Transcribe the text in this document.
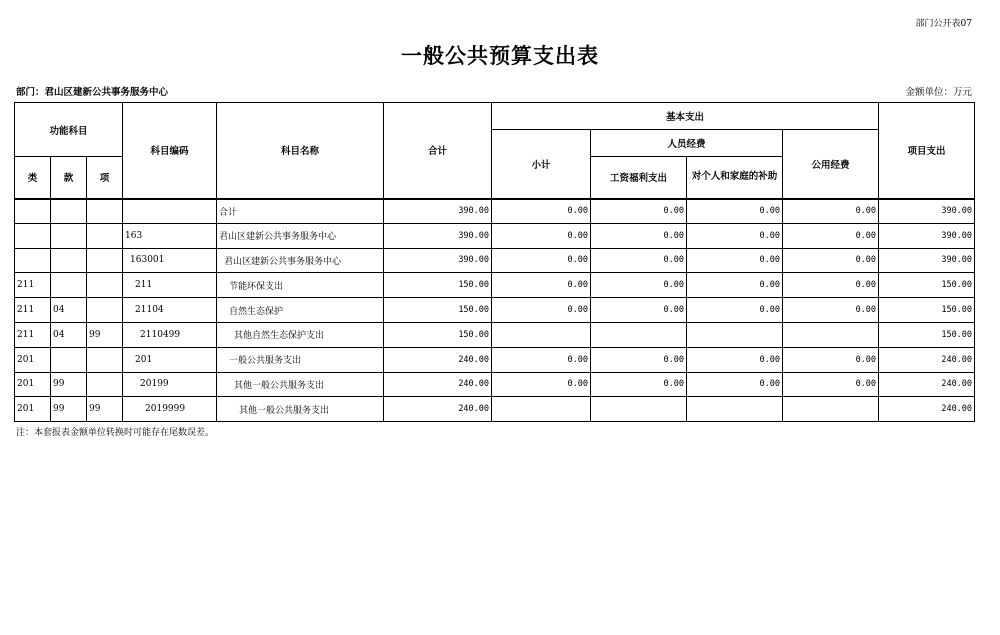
部门公开表07
一般公共预算支出表
部门：君山区建新公共事务服务中心	金额单位：万元
功能科目			科目编码	科目名称	合计	基本支出				项目支出
						小计	人员经费		公用经费	
类	款	项					工资福利支出	对个人和家庭的补助		
				合计	390.00	0.00	0.00	0.00	0.00	390.00
			163	君山区建新公共事务服务中心	390.00	0.00	0.00	0.00	0.00	390.00
			163001	君山区建新公共事务服务中心	390.00	0.00	0.00	0.00	0.00	390.00
211			211	节能环保支出	150.00	0.00	0.00	0.00	0.00	150.00
211	04		21104	自然生态保护	150.00	0.00	0.00	0.00	0.00	150.00
211	04	99	2110499	其他自然生态保护支出	150.00					150.00
201			201	一般公共服务支出	240.00	0.00	0.00	0.00	0.00	240.00
201	99		20199	其他一般公共服务支出	240.00	0.00	0.00	0.00	0.00	240.00
201	99	99	2019999	其他一般公共服务支出	240.00					240.00
注：本套报表金额单位转换时可能存在尾数误差。
